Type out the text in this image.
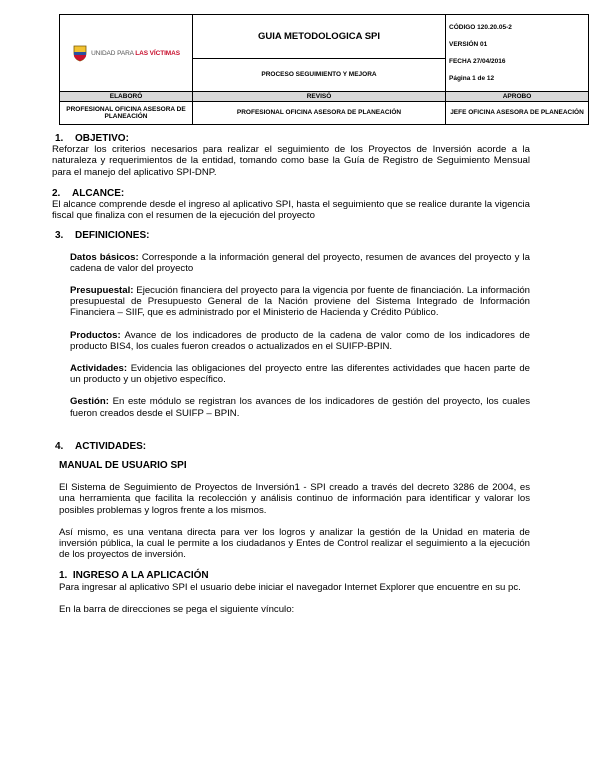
UNIDAD PARA LAS VÍCTIMAS	GUIA METODOLOGICA SPI	CÓDIGO 120.20.05-2
VERSIÓN 01
FECHA 27/04/2016
Página 1 de 12

	PROCESO SEGUIMIENTO Y MEJORA	
ELABORÓ	REVISÓ	APROBO
PROFESIONAL OFICINA ASESORA DE PLANEACIÓN	PROFESIONAL OFICINA ASESORA DE PLANEACIÓN	JEFE OFICINA ASESORA DE PLANEACIÓN

1. OBJETIVO:

Reforzar los criterios necesarios para realizar el seguimiento de los Proyectos de Inversión acorde a la naturaleza y requerimientos de la entidad, tomando como base la Guía de Registro de Seguimiento Mensual para el manejo del aplicativo SPI-DNP.

2. ALCANCE:

El alcance comprende desde el ingreso al aplicativo SPI, hasta el seguimiento que se realice durante la vigencia fiscal que finaliza con el resumen de la ejecución del proyecto

3. DEFINICIONES:

Datos básicos: Corresponde a la información general del proyecto, resumen de avances del proyecto y la cadena de valor del proyecto

Presupuestal: Ejecución financiera del proyecto para la vigencia por fuente de financiación. La información presupuestal de Presupuesto General de la Nación proviene del Sistema Integrado de Información Financiera – SIIF, que es administrado por el Ministerio de Hacienda y Crédito Público.

Productos: Avance de los indicadores de producto de la cadena de valor como de los indicadores de producto BIS4, los cuales fueron creados o actualizados en el SUIFP-BPIN.

Actividades: Evidencia las obligaciones del proyecto entre las diferentes actividades que hacen parte de un producto y un objetivo específico.

Gestión: En este módulo se registran los avances de los indicadores de gestión del proyecto, los cuales fueron creados desde el SUIFP – BPIN.

4. ACTIVIDADES:

MANUAL DE USUARIO SPI

El Sistema de Seguimiento de Proyectos de Inversión1 - SPI creado a través del decreto 3286 de 2004, es una herramienta que facilita la recolección y análisis continuo de información para identificar y valorar los posibles problemas y logros frente a los mismos.

Así mismo, es una ventana directa para ver los logros y analizar la gestión de la Unidad en materia de inversión pública, la cual le permite a los ciudadanos y Entes de Control realizar el seguimiento a la ejecución de los proyectos de inversión.

1. INGRESO A LA APLICACIÓN

Para ingresar al aplicativo SPI el usuario debe iniciar el navegador Internet Explorer que encuentre en su pc.

En la barra de direcciones se pega el siguiente vínculo:
